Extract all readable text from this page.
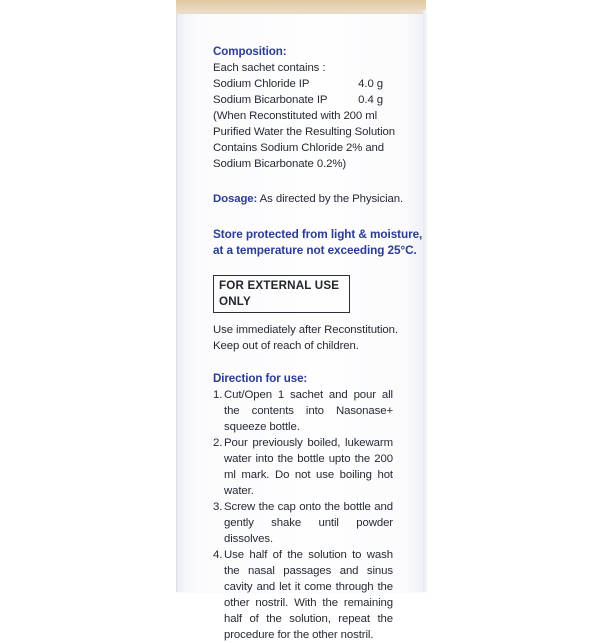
Composition:

Each sachet contains :

Sodium Chloride IP	4.0 g
Sodium Bicarbonate IP	0.4 g

(When Reconstituted with 200 ml

Purified Water the Resulting Solution

Contains Sodium Chloride 2% and

Sodium Bicarbonate 0.2%)

Dosage: As directed by the Physician.

Store protected from light & moisture,

at a temperature not exceeding 25°C.

FOR EXTERNAL USE ONLY

Use immediately after Reconstitution.

Keep out of reach of children.

Direction for use:

1. Cut/Open 1 sachet and pour all the contents into Nasonase+ squeeze bottle.
2. Pour previously boiled, lukewarm water into the bottle upto the 200 ml mark. Do not use boiling hot water.
3. Screw the cap onto the bottle and gently shake until powder dissolves.
4. Use half of the solution to wash the nasal passages and sinus cavity and let it come through the other nostril. With the remaining half of the solution, repeat the procedure for the other nostril.
